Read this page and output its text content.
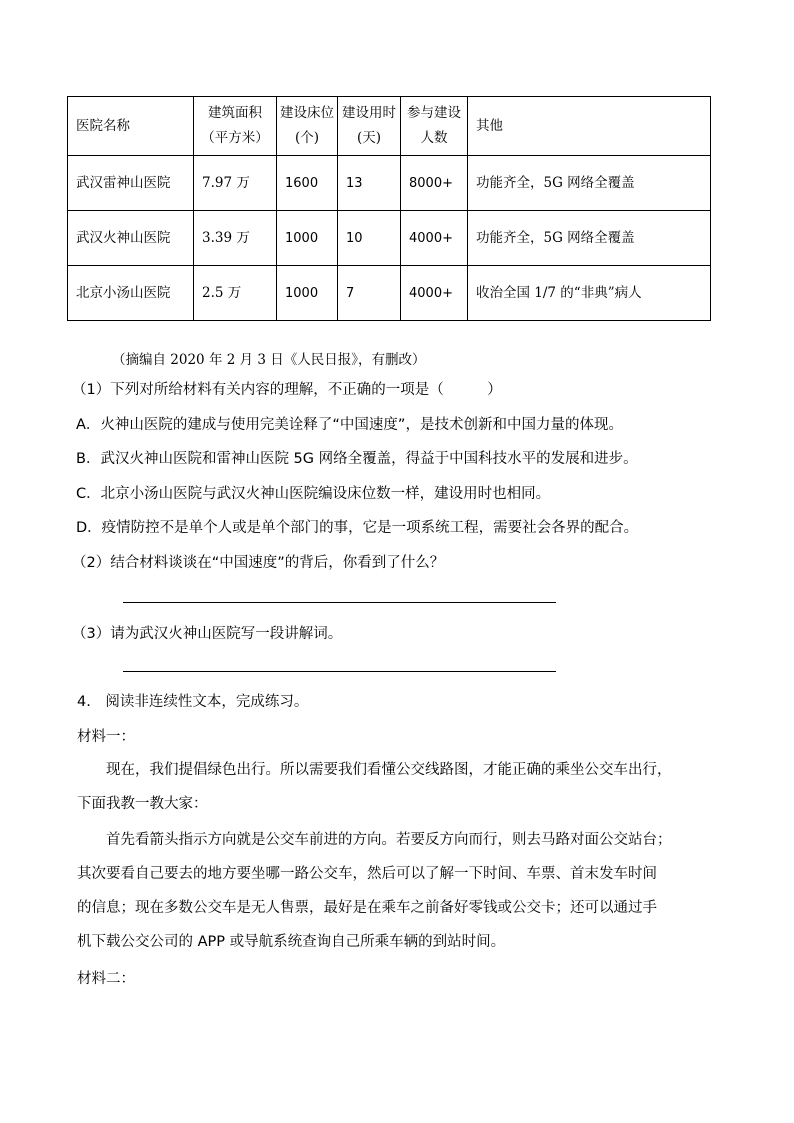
医院名称	建筑面积（平方米）	建设床位(个)	建设用时(天)	参与建设人数	其他
武汉雷神山医院	7.97 万	1600	13	8000+	功能齐全，5G 网络全覆盖
武汉火神山医院	3.39 万	1000	10	4000+	功能齐全，5G 网络全覆盖
北京小汤山医院	2.5 万	1000	7	4000+	收治全国 1/7 的“非典”病人
（摘编自 2020 年 2 月 3 日《人民日报》，有删改）
（1）下列对所给材料有关内容的理解，不正确的一项是（　　　）
A．火神山医院的建成与使用完美诠释了“中国速度”，是技术创新和中国力量的体现。
B．武汉火神山医院和雷神山医院 5G 网络全覆盖，得益于中国科技水平的发展和进步。
C．北京小汤山医院与武汉火神山医院编设床位数一样，建设用时也相同。
D．疫情防控不是单个人或是单个部门的事，它是一项系统工程，需要社会各界的配合。
（2）结合材料谈谈在“中国速度”的背后，你看到了什么？
（3）请为武汉火神山医院写一段讲解词。
4.　阅读非连续性文本，完成练习。
材料一：
现在，我们提倡绿色出行。所以需要我们看懂公交线路图，才能正确的乘坐公交车出行，
下面我教一教大家：
首先看箭头指示方向就是公交车前进的方向。若要反方向而行，则去马路对面公交站台；
其次要看自己要去的地方要坐哪一路公交车，然后可以了解一下时间、车票、首末发车时间
的信息；现在多数公交车是无人售票，最好是在乘车之前备好零钱或公交卡；还可以通过手
机下载公交公司的 APP 或导航系统查询自己所乘车辆的到站时间。
材料二：
